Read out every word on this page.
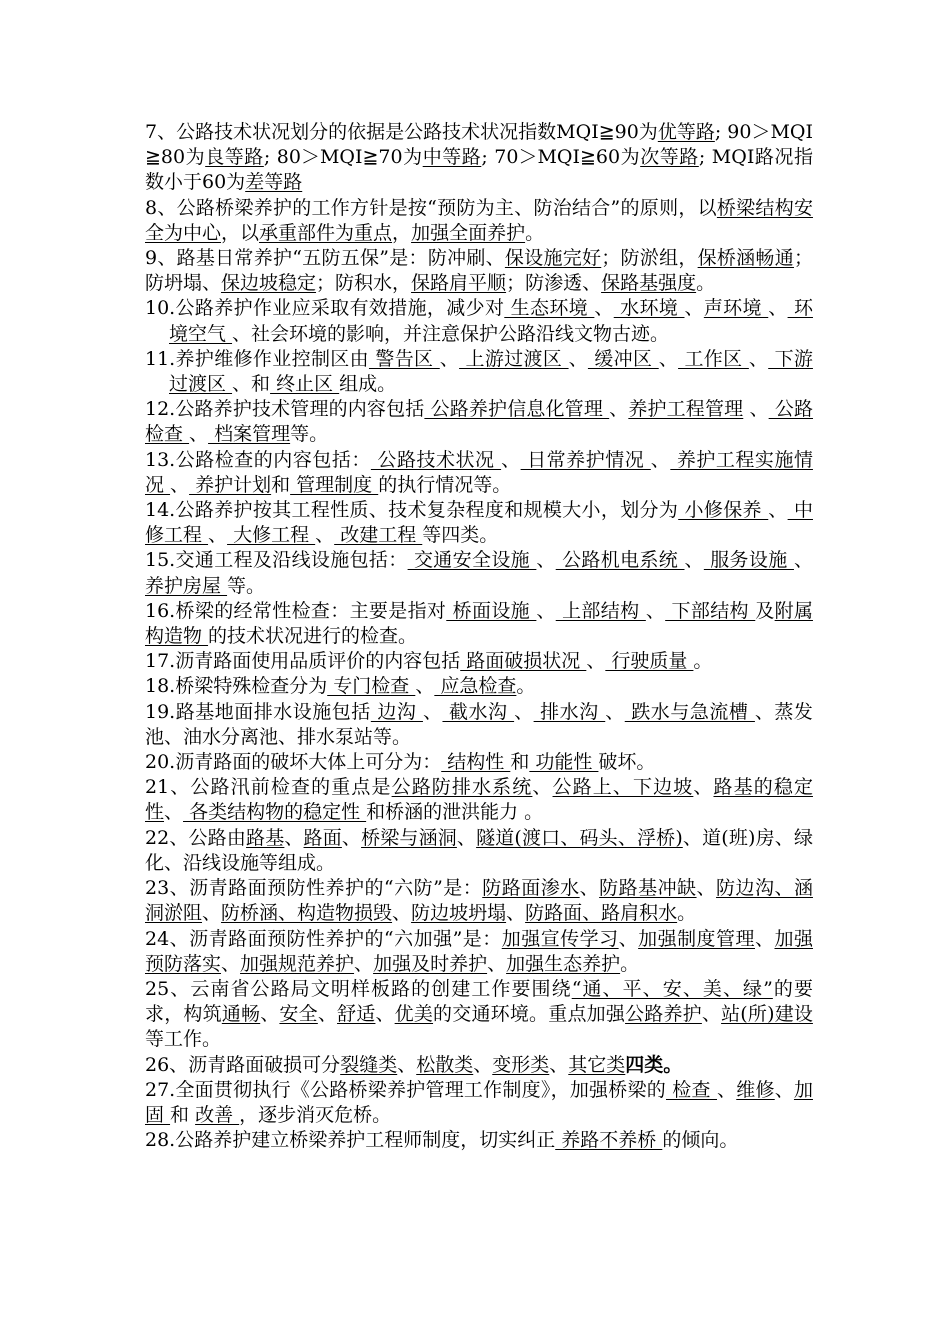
7、公路技术状况划分的依据是公路技术状况指数MQI≧90为优等路; 90＞MQI≧80为良等路; 80＞MQI≧70为中等路; 70＞MQI≧60为次等路; MQI路况指数小于60为差等路

8、公路桥梁养护的工作方针是按“预防为主、防治结合”的原则，以桥梁结构安全为中心，以承重部件为重点，加强全面养护。

9、路基日常养护“五防五保”是：防冲刷、保设施完好；防淤组，保桥涵畅通；防坍塌、保边坡稳定；防积水，保路肩平顺；防渗透、保路基强度。

10.公路养护作业应采取有效措施，减少对 生态环境 、 水环境 、声环境 、 环境空气 、社会环境的影响，并注意保护公路沿线文物古迹。

11.养护维修作业控制区由 警告区 、 上游过渡区 、 缓冲区 、 工作区 、 下游过渡区 、和 终止区 组成。

12.公路养护技术管理的内容包括 公路养护信息化管理 、养护工程管理 、 公路检查 、 档案管理等。

13.公路检查的内容包括： 公路技术状况 、 日常养护情况 、 养护工程实施情况 、 养护计划和 管理制度 的执行情况等。

14.公路养护按其工程性质、技术复杂程度和规模大小，划分为 小修保养 、 中修工程 、 大修工程 、 改建工程 等四类。

15.交通工程及沿线设施包括： 交通安全设施 、 公路机电系统 、 服务设施 、 养护房屋 等。

16.桥梁的经常性检查：主要是指对 桥面设施 、 上部结构 、 下部结构 及附属构造物 的技术状况进行的检查。

17.沥青路面使用品质评价的内容包括 路面破损状况 、 行驶质量 。

18.桥梁特殊检查分为 专门检查 、 应急检查。

19.路基地面排水设施包括 边沟 、 截水沟 、 排水沟 、 跌水与急流槽 、蒸发池、油水分离池、排水泵站等。

20.沥青路面的破坏大体上可分为： 结构性 和 功能性 破坏。

21、公路汛前检查的重点是公路防排水系统、公路上、下边坡、路基的稳定性、 各类结构物的稳定性 和桥涵的泄洪能力 。

22、公路由路基、路面、桥梁与涵洞、隧道(渡口、码头、浮桥)、道(班)房、绿化、沿线设施等组成。

23、沥青路面预防性养护的“六防”是：防路面渗水、防路基冲缺、防边沟、涵洞淤阻、防桥涵、构造物损毁、防边坡坍塌、防路面、路肩积水。

24、沥青路面预防性养护的“六加强”是：加强宣传学习、加强制度管理、加强预防落实、加强规范养护、加强及时养护、加强生态养护。

25、云南省公路局文明样板路的创建工作要围绕“通、平、安、美、绿”的要求，构筑通畅、安全、舒适、优美的交通环境。重点加强公路养护、站(所)建设等工作。

26、沥青路面破损可分裂缝类、松散类、变形类、其它类四类。

27.全面贯彻执行《公路桥梁养护管理工作制度》，加强桥梁的 检查 、维修、加固 和 改善 ，逐步消灭危桥。

28.公路养护建立桥梁养护工程师制度，切实纠正 养路不养桥 的倾向。
